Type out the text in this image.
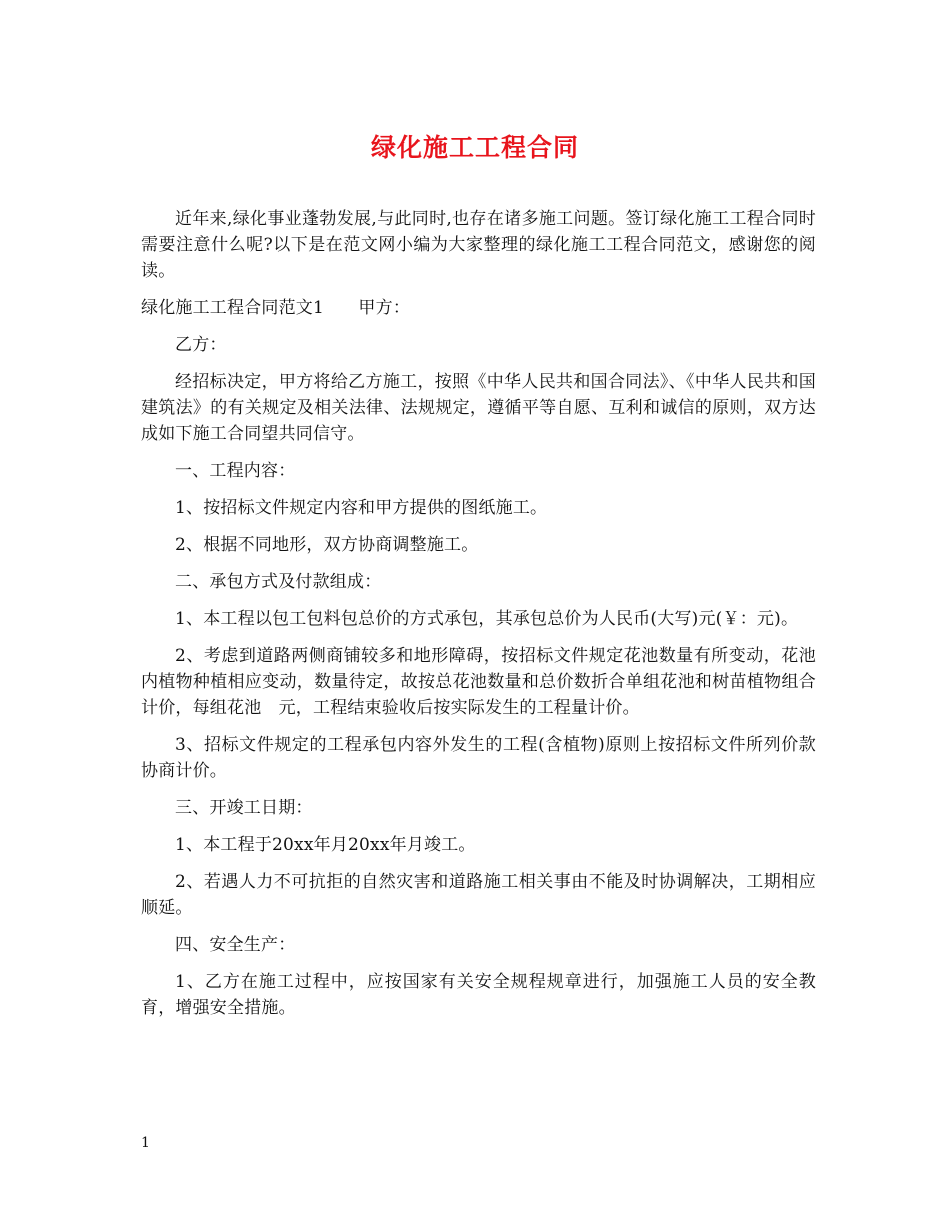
绿化施工工程合同

近年来,绿化事业蓬勃发展,与此同时,也存在诸多施工问题。签订绿化施工工程合同时需要注意什么呢?以下是在范文网小编为大家整理的绿化施工工程合同范文，感谢您的阅读。

绿化施工工程合同范文1　　甲方：

乙方：

经招标决定，甲方将给乙方施工，按照《中华人民共和国合同法》、《中华人民共和国建筑法》的有关规定及相关法律、法规规定，遵循平等自愿、互利和诚信的原则，双方达成如下施工合同望共同信守。

一、工程内容：

1、按招标文件规定内容和甲方提供的图纸施工。

2、根据不同地形，双方协商调整施工。

二、承包方式及付款组成：

1、本工程以包工包料包总价的方式承包，其承包总价为人民币(大写)元(￥：元)。

2、考虑到道路两侧商铺较多和地形障碍，按招标文件规定花池数量有所变动，花池内植物种植相应变动，数量待定，故按总花池数量和总价数折合单组花池和树苗植物组合计价，每组花池　元，工程结束验收后按实际发生的工程量计价。

3、招标文件规定的工程承包内容外发生的工程(含植物)原则上按招标文件所列价款协商计价。

三、开竣工日期：

1、本工程于20xx年月20xx年月竣工。

2、若遇人力不可抗拒的自然灾害和道路施工相关事由不能及时协调解决，工期相应顺延。

四、安全生产：

1、乙方在施工过程中，应按国家有关安全规程规章进行，加强施工人员的安全教育，增强安全措施。

1
